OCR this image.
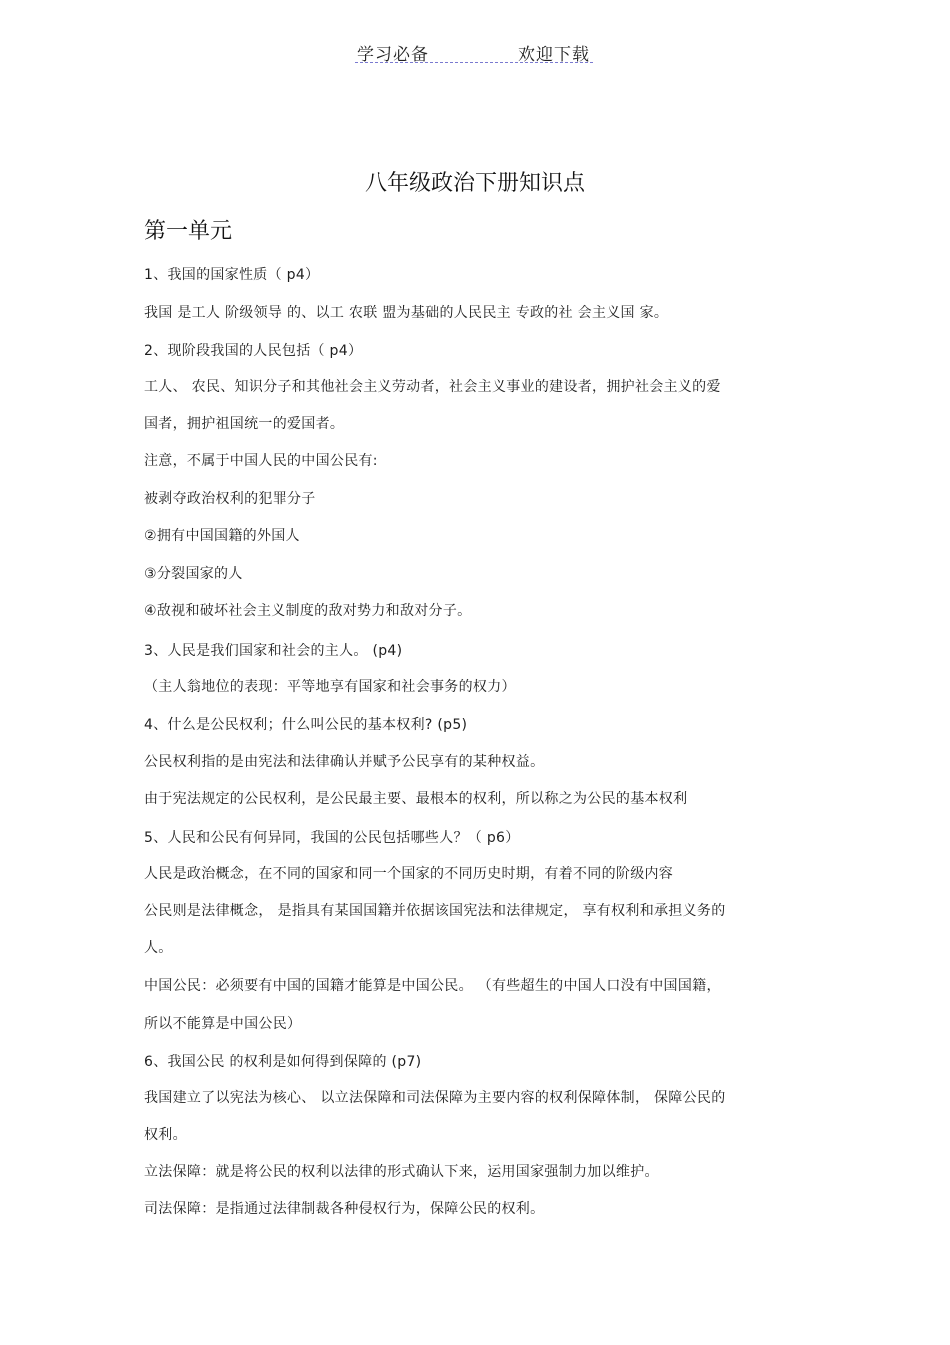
学习必备	欢迎下载
八年级政治下册知识点
第一单元
1、我国的国家性质（ p4）
我国 是工人 阶级领导 的、以工 农联 盟为基础的人民民主 专政的社 会主义国 家。
2、现阶段我国的人民包括（ p4）
工人、 农民、知识分子和其他社会主义劳动者，社会主义事业的建设者，拥护社会主义的爱
国者，拥护祖国统一的爱国者。
注意，不属于中国人民的中国公民有:
被剥夺政治权利的犯罪分子
②拥有中国国籍的外国人
③分裂国家的人
④敌视和破坏社会主义制度的敌对势力和敌对分子。
3、人民是我们国家和社会的主人。 (p4)
（主人翁地位的表现：平等地享有国家和社会事务的权力）
4、什么是公民权利；什么叫公民的基本权利? (p5)
公民权利指的是由宪法和法律确认并赋予公民享有的某种权益。
由于宪法规定的公民权利，是公民最主要、最根本的权利，所以称之为公民的基本权利
5、人民和公民有何异同，我国的公民包括哪些人？（ p6）
人民是政治概念，在不同的国家和同一个国家的不同历史时期，有着不同的阶级内容
公民则是法律概念， 是指具有某国国籍并依据该国宪法和法律规定， 享有权利和承担义务的
人。
中国公民：必须要有中国的国籍才能算是中国公民。 （有些超生的中国人口没有中国国籍，
所以不能算是中国公民）
6、我国公民 的权利是如何得到保障的 (p7)
我国建立了以宪法为核心、 以立法保障和司法保障为主要内容的权利保障体制， 保障公民的
权利。
立法保障：就是将公民的权利以法律的形式确认下来，运用国家强制力加以维护。
司法保障：是指通过法律制裁各种侵权行为，保障公民的权利。
